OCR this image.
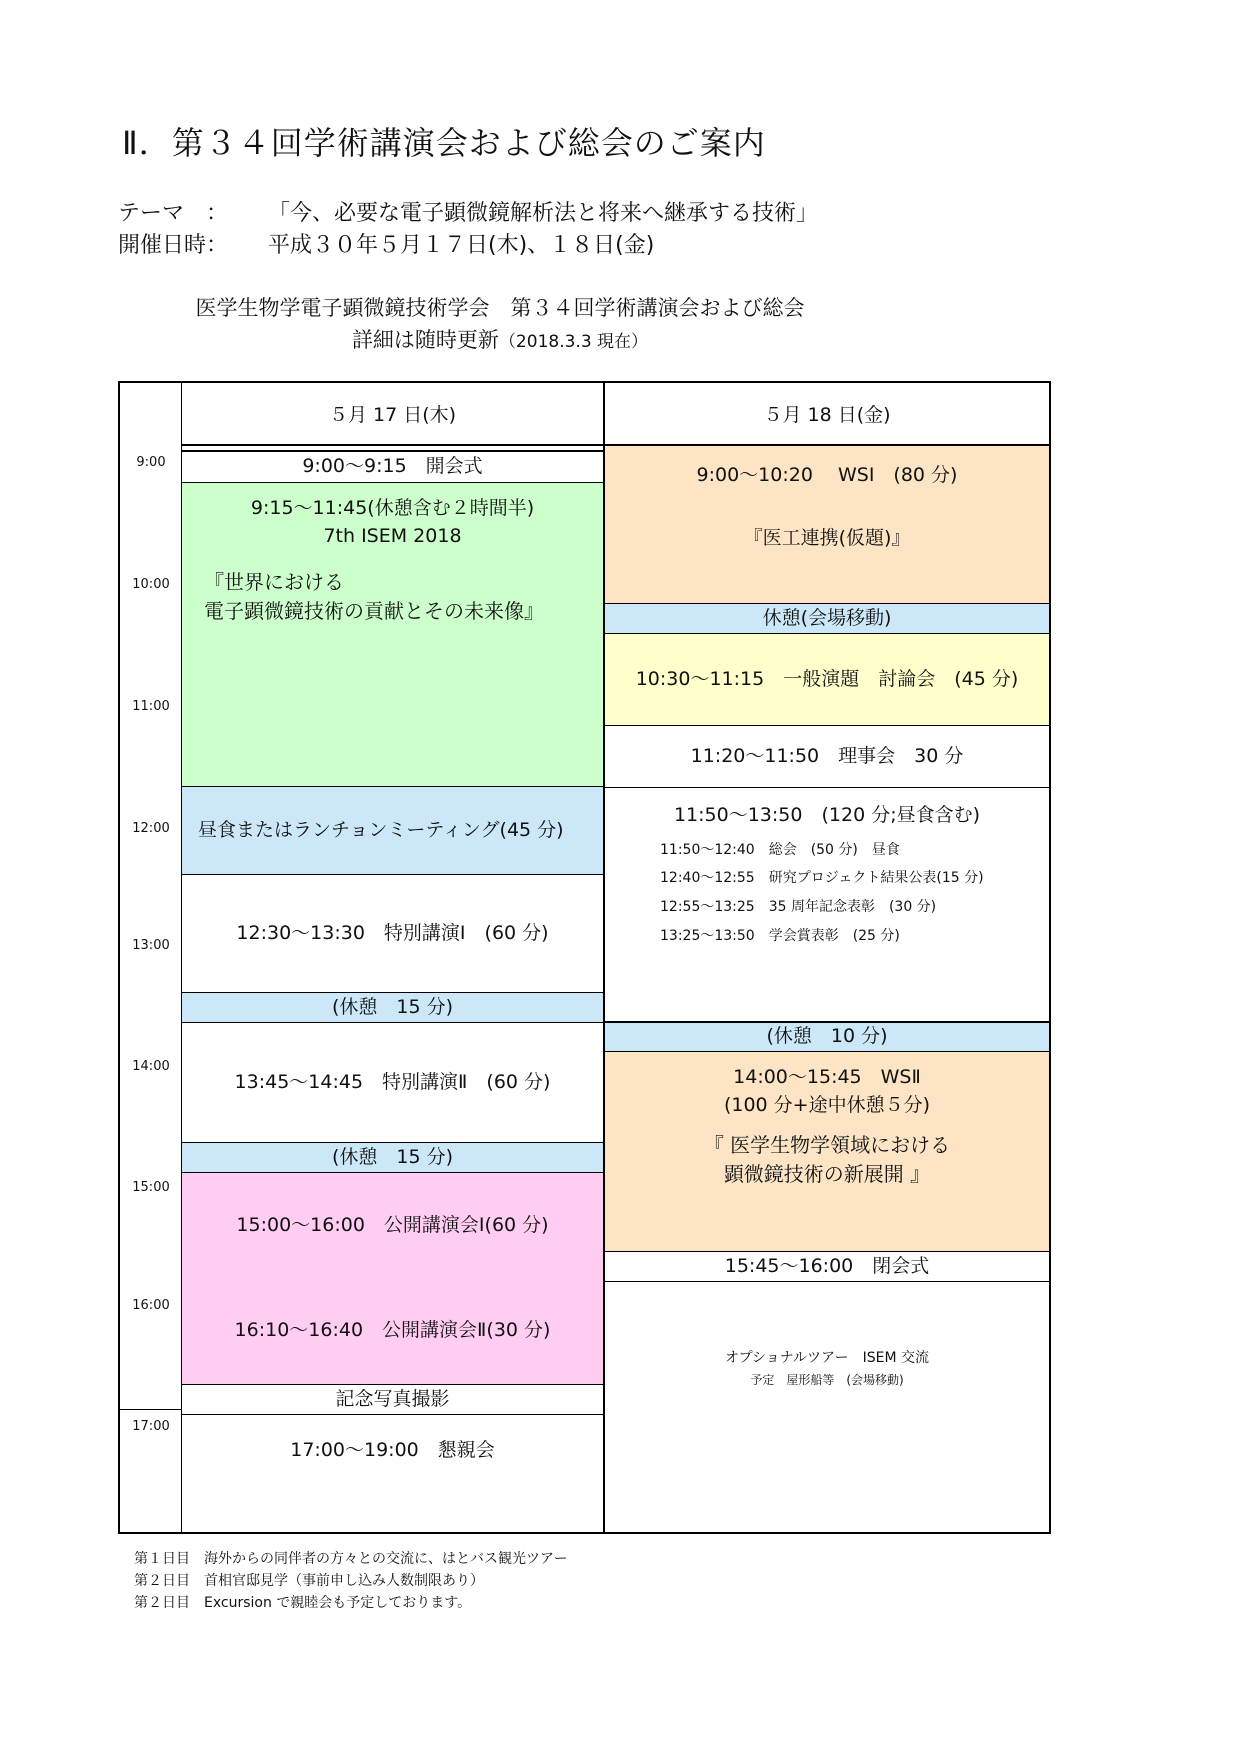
Ⅱ．第３４回学術講演会および総会のご案内
テーマ　： 「今、必要な電子顕微鏡解析法と将来へ継承する技術」
開催日時： 平成３０年５月１７日(木)、１８日(金)
医学生物学電子顕微鏡技術学会　第３４回学術講演会および総会
詳細は随時更新（2018.3.3 現在）
9:00
10:00
11:00
12:00
13:00
14:00
15:00
16:00
17:00
５月 17 日(木)
9:00～9:15　開会式
9:15～11:45(休憩含む２時間半)
7th ISEM 2018
『世界における
電子顕微鏡技術の貢献とその未来像』
昼食またはランチョンミーティング(45 分)
12:30～13:30　特別講演Ⅰ　(60 分)
(休憩　15 分)
13:45～14:45　特別講演Ⅱ　(60 分)
(休憩　15 分)
15:00～16:00　公開講演会Ⅰ(60 分)
16:10～16:40　公開講演会Ⅱ(30 分)
記念写真撮影
17:00～19:00　懇親会
５月 18 日(金)
9:00～10:20　 WSⅠ　(80 分)
『医工連携(仮題)』
休憩(会場移動)
10:30～11:15　一般演題　討論会　(45 分)
11:20～11:50　理事会　30 分
11:50～13:50　(120 分;昼食含む)
11:50～12:40　総会　(50 分)　昼食
12:40～12:55　研究プロジェクト結果公表(15 分)
12:55～13:25　35 周年記念表彰　(30 分)
13:25～13:50　学会賞表彰　(25 分)
(休憩　10 分)
14:00～15:45　WSⅡ
(100 分+途中休憩５分)
『 医学生物学領域における
顕微鏡技術の新展開 』
15:45～16:00　閉会式
オプショナルツアー　ISEM 交流
予定　屋形船等　(会場移動)
第１日目　海外からの同伴者の方々との交流に、はとバス観光ツアー
第２日目　首相官邸見学（事前申し込み人数制限あり）
第２日目　Excursion で親睦会も予定しております。
